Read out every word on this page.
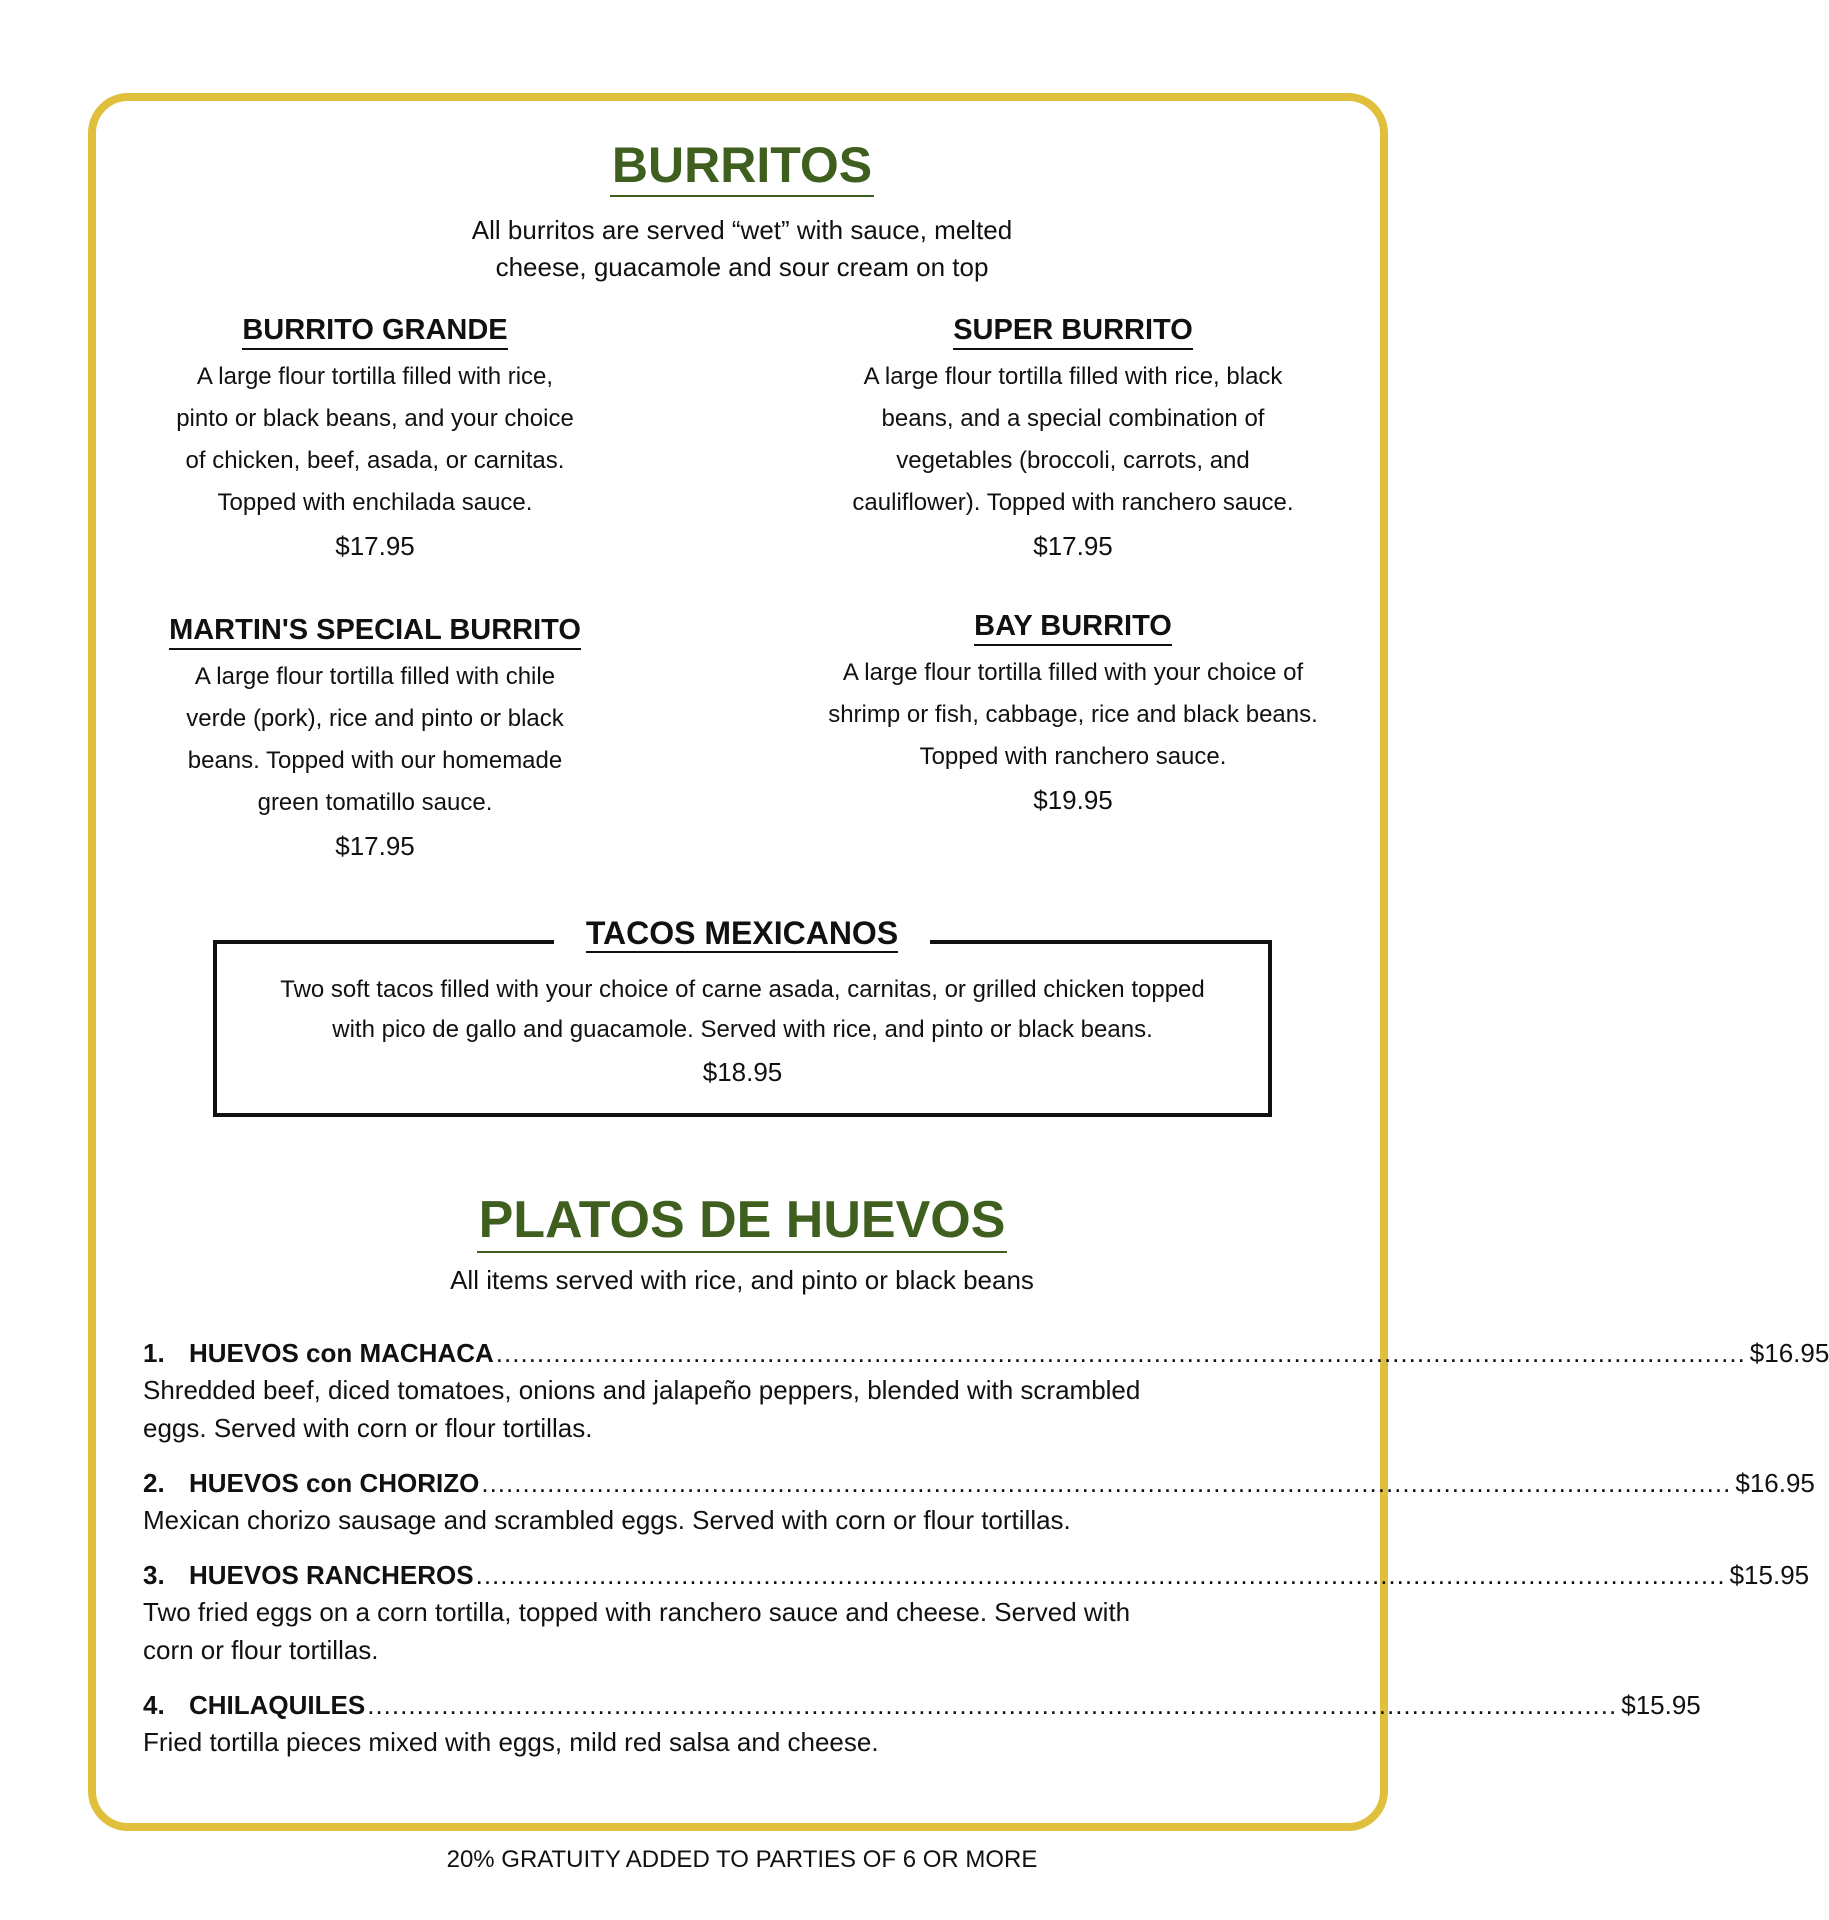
BURRITOS
All burritos are served “wet” with sauce, melted
cheese, guacamole and sour cream on top
BURRITO GRANDE
A large flour tortilla filled with rice,
pinto or black beans, and your choice
of chicken, beef, asada, or carnitas.
Topped with enchilada sauce.
$17.95
SUPER BURRITO
A large flour tortilla filled with rice, black
beans, and a special combination of
vegetables (broccoli, carrots, and
cauliflower). Topped with ranchero sauce.
$17.95
MARTIN'S SPECIAL BURRITO
A large flour tortilla filled with chile
verde (pork), rice and pinto or black
beans. Topped with our homemade
green tomatillo sauce.
$17.95
BAY BURRITO
A large flour tortilla filled with your choice of
shrimp or fish, cabbage, rice and black beans.
Topped with ranchero sauce.
$19.95
TACOS MEXICANOS
Two soft tacos filled with your choice of carne asada, carnitas, or grilled chicken topped
with pico de gallo and guacamole. Served with rice, and pinto or black beans.
$18.95
PLATOS DE HUEVOS
All items served with rice, and pinto or black beans
1. HUEVOS con MACHACA ........................................................................................................................................................ $16.95
Shredded beef, diced tomatoes, onions and jalapeño peppers, blended with scrambled
eggs. Served with corn or flour tortillas.
2. HUEVOS con CHORIZO ........................................................................................................................................................ $16.95
Mexican chorizo sausage and scrambled eggs. Served with corn or flour tortillas.
3. HUEVOS RANCHEROS ........................................................................................................................................................ $15.95
Two fried eggs on a corn tortilla, topped with ranchero sauce and cheese. Served with
corn or flour tortillas.
4. CHILAQUILES ........................................................................................................................................................ $15.95
Fried tortilla pieces mixed with eggs, mild red salsa and cheese.
20% GRATUITY ADDED TO PARTIES OF 6 OR MORE
